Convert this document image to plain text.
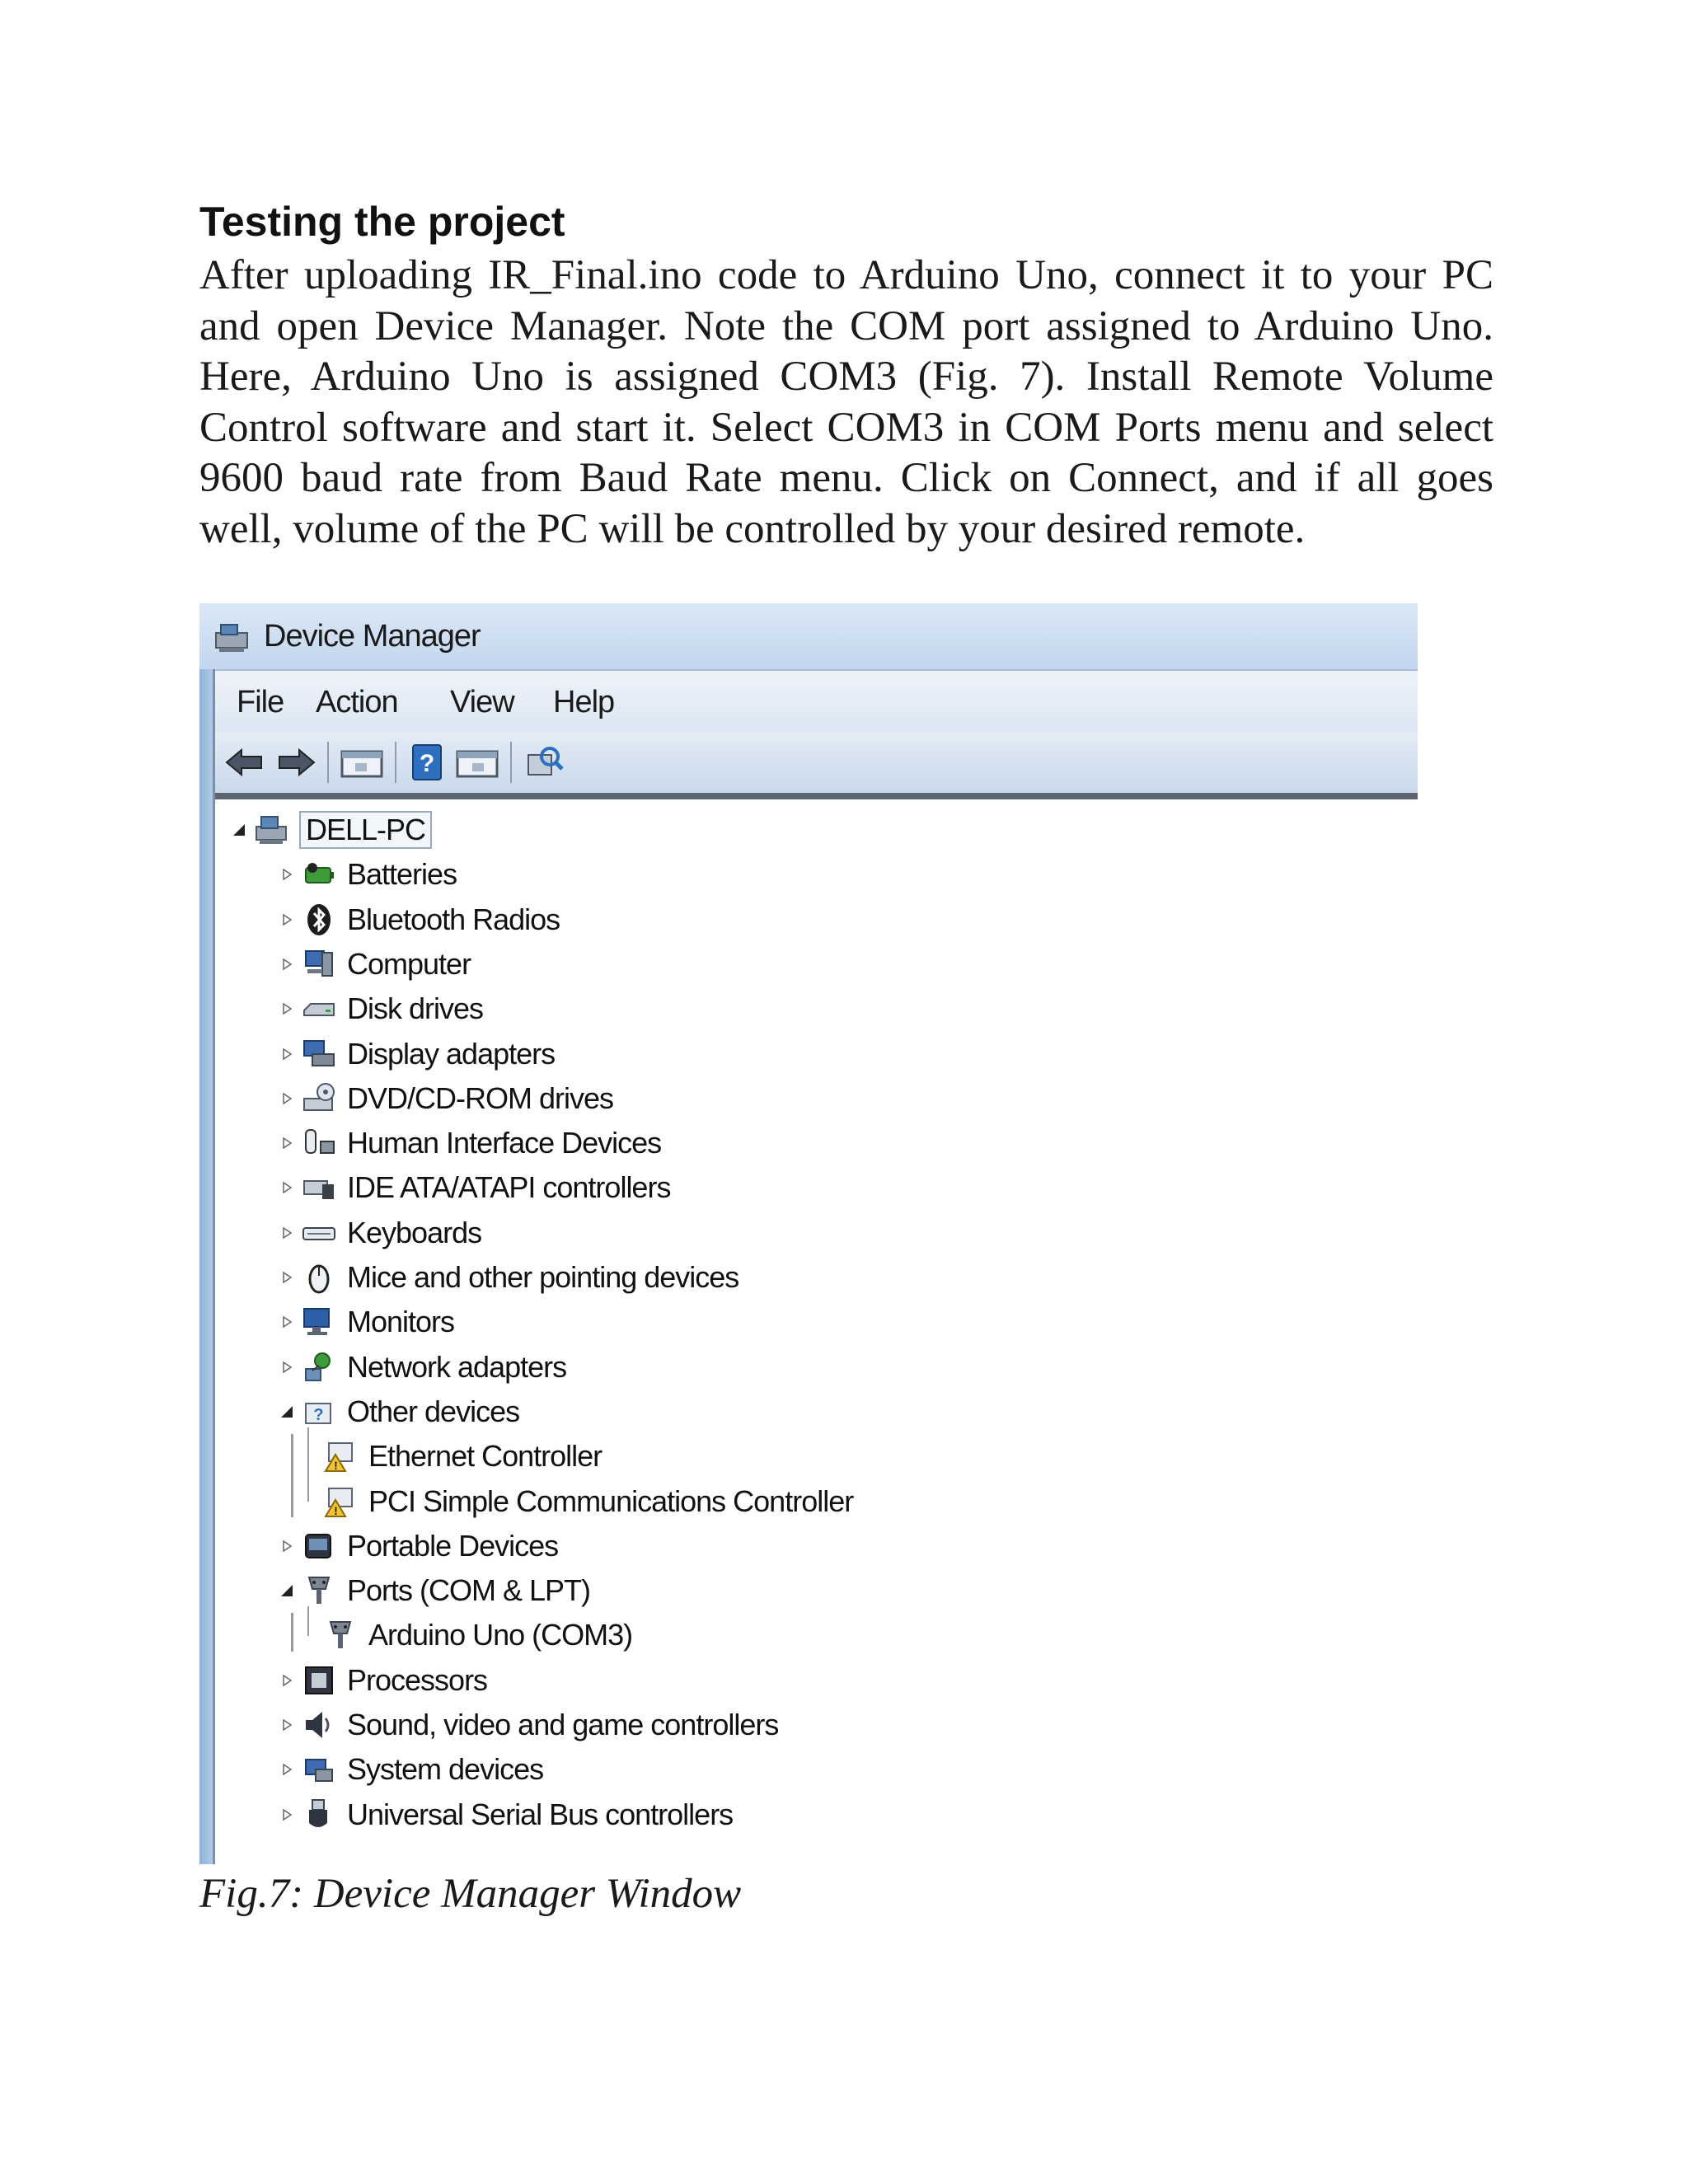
Testing the project

After uploading IR_Final.ino code to Arduino Uno, connect it to your PC and open Device Manager. Note the COM port assigned to Arduino Uno. Here, Arduino Uno is assigned COM3 (Fig. 7). Install Remote Volume Control software and start it. Select COM3 in COM Ports menu and select 9600 baud rate from Baud Rate menu. Click on Connect, and if all goes well, volume of the PC will be controlled by your desired remote.

Device Manager
File Action View Help
?
DELL-PC
Batteries
Bluetooth Radios
Computer
Disk drives
Display adapters
DVD/CD-ROM drives
Human Interface Devices
IDE ATA/ATAPI controllers
Keyboards
Mice and other pointing devices
Monitors
Network adapters
? Other devices
! Ethernet Controller
! PCI Simple Communications Controller
Portable Devices
Ports (COM & LPT)
Arduino Uno (COM3)
Processors
Sound, video and game controllers
System devices
Universal Serial Bus controllers
Fig.7: Device Manager Window
